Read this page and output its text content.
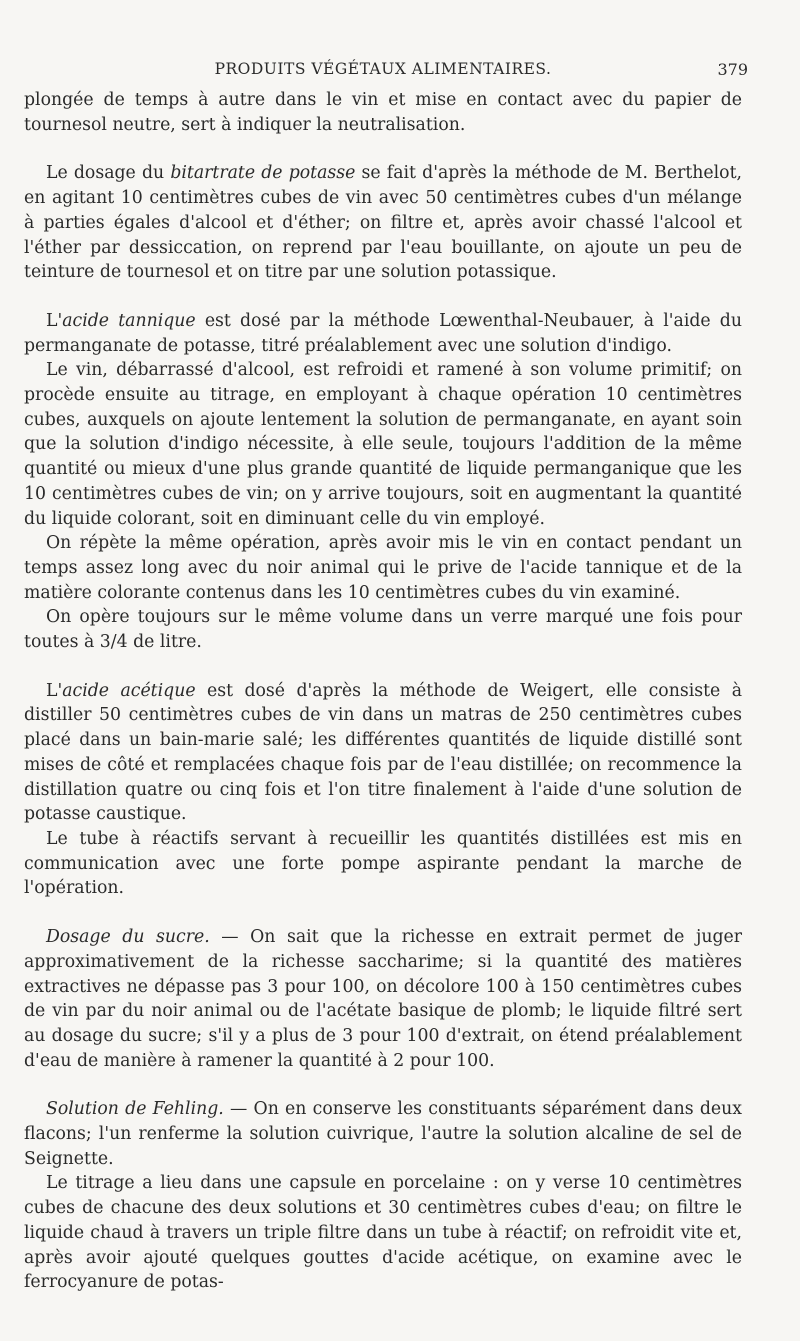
PRODUITS VÉGÉTAUX ALIMENTAIRES.	379

plongée de temps à autre dans le vin et mise en contact avec du papier de tournesol neutre, sert à indiquer la neutralisation.

Le dosage du bitartrate de potasse se fait d'après la méthode de M. Berthelot, en agitant 10 centimètres cubes de vin avec 50 centimètres cubes d'un mélange à parties égales d'alcool et d'éther; on filtre et, après avoir chassé l'alcool et l'éther par dessiccation, on reprend par l'eau bouillante, on ajoute un peu de teinture de tournesol et on titre par une solution potassique.

L'acide tannique est dosé par la méthode Lœwenthal-Neubauer, à l'aide du permanganate de potasse, titré préalablement avec une solution d'indigo.

Le vin, débarrassé d'alcool, est refroidi et ramené à son volume primitif; on procède ensuite au titrage, en employant à chaque opération 10 centimètres cubes, auxquels on ajoute lentement la solution de permanganate, en ayant soin que la solution d'indigo nécessite, à elle seule, toujours l'addition de la même quantité ou mieux d'une plus grande quantité de liquide permanganique que les 10 centimètres cubes de vin; on y arrive toujours, soit en augmentant la quantité du liquide colorant, soit en diminuant celle du vin employé.

On répète la même opération, après avoir mis le vin en contact pendant un temps assez long avec du noir animal qui le prive de l'acide tannique et de la matière colorante contenus dans les 10 centimètres cubes du vin examiné.

On opère toujours sur le même volume dans un verre marqué une fois pour toutes à 3/4 de litre.

L'acide acétique est dosé d'après la méthode de Weigert, elle consiste à distiller 50 centimètres cubes de vin dans un matras de 250 centimètres cubes placé dans un bain-marie salé; les différentes quantités de liquide distillé sont mises de côté et remplacées chaque fois par de l'eau distillée; on recommence la distillation quatre ou cinq fois et l'on titre finalement à l'aide d'une solution de potasse caustique.

Le tube à réactifs servant à recueillir les quantités distillées est mis en communication avec une forte pompe aspirante pendant la marche de l'opération.

Dosage du sucre. — On sait que la richesse en extrait permet de juger approximativement de la richesse saccharime; si la quantité des matières extractives ne dépasse pas 3 pour 100, on décolore 100 à 150 centimètres cubes de vin par du noir animal ou de l'acétate basique de plomb; le liquide filtré sert au dosage du sucre; s'il y a plus de 3 pour 100 d'extrait, on étend préalablement d'eau de manière à ramener la quantité à 2 pour 100.

Solution de Fehling. — On en conserve les constituants séparément dans deux flacons; l'un renferme la solution cuivrique, l'autre la solution alcaline de sel de Seignette.

Le titrage a lieu dans une capsule en porcelaine : on y verse 10 centimètres cubes de chacune des deux solutions et 30 centimètres cubes d'eau; on filtre le liquide chaud à travers un triple filtre dans un tube à réactif; on refroidit vite et, après avoir ajouté quelques gouttes d'acide acétique, on examine avec le ferrocyanure de potas-
